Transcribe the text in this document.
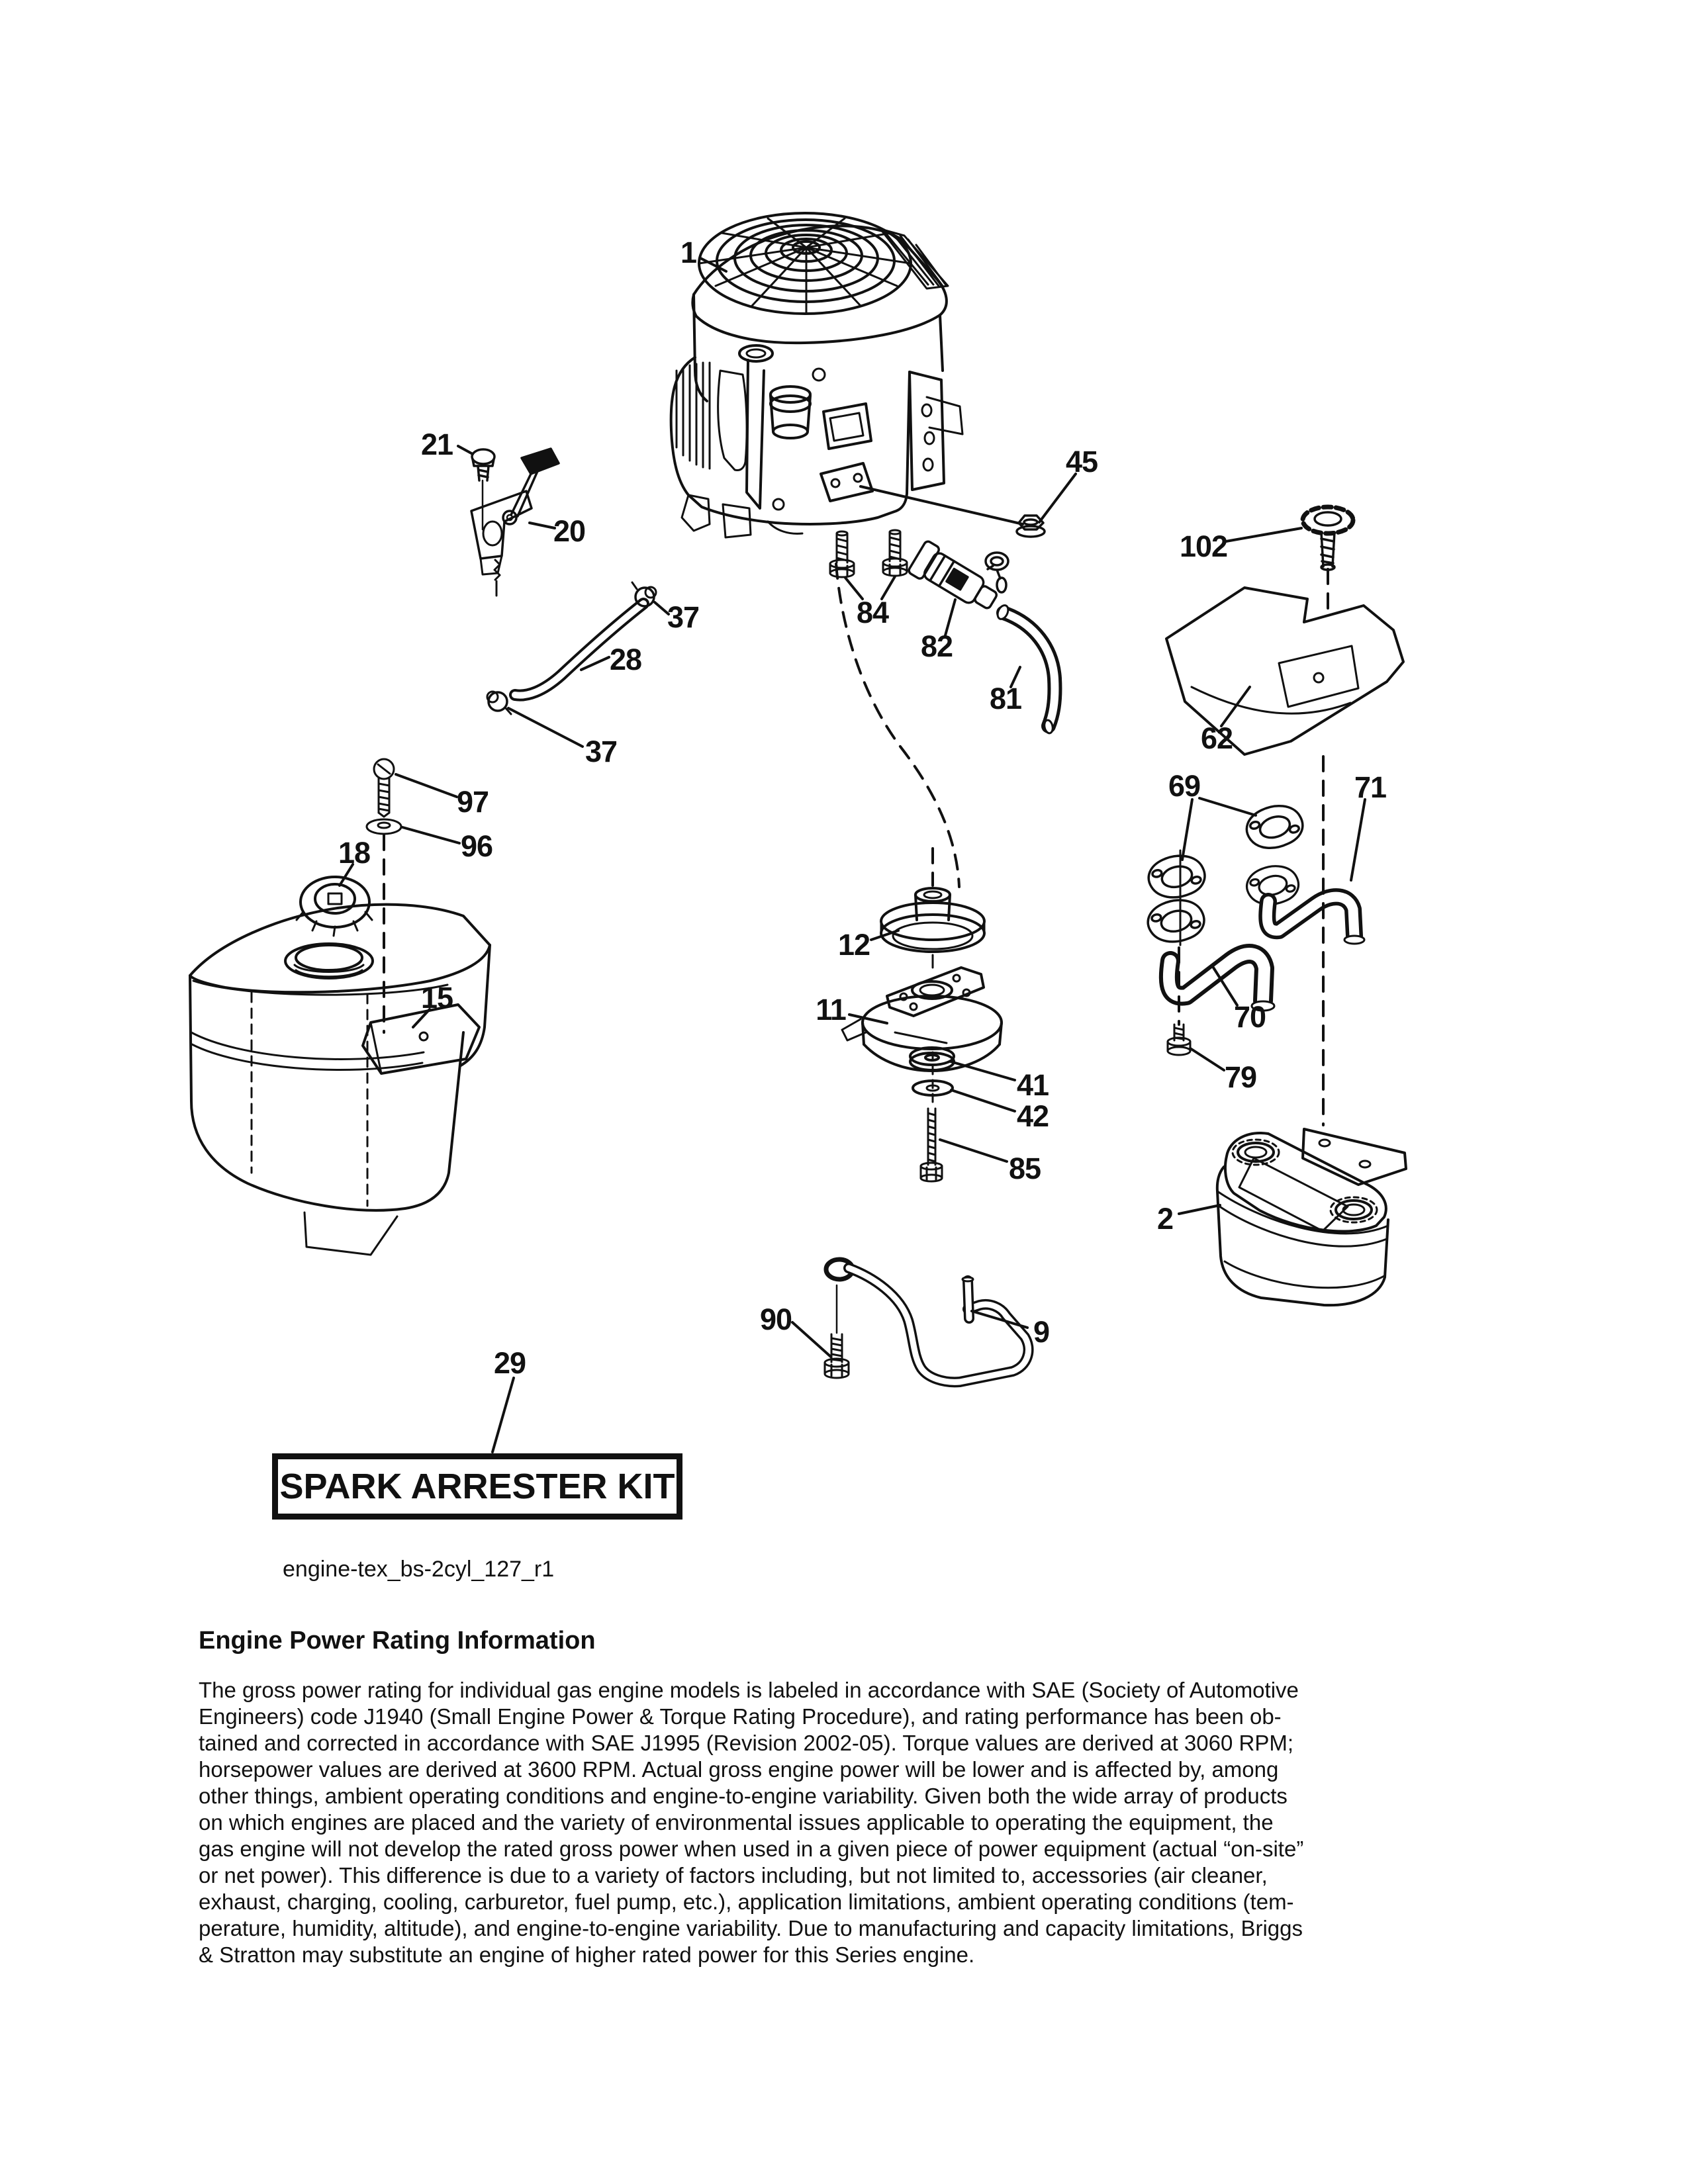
1
21
20
45
102
84
82
81
37
28
37
97
96
18
15
62
69	71
70
79
12
11
41
42
85
2
90	9
29
SPARK ARRESTER KIT
engine-tex_bs-2cyl_127_r1
Engine Power Rating Information
The gross power rating for individual gas engine models is labeled in accordance with SAE (Society of Automotive
Engineers) code J1940 (Small Engine Power & Torque Rating Procedure), and rating performance has been ob-
tained and corrected in accordance with SAE J1995 (Revision 2002-05). Torque values are derived at 3060 RPM;
horsepower values are derived at 3600 RPM. Actual gross engine power will be lower and is affected by, among
other things, ambient operating conditions and engine-to-engine variability. Given both the wide array of products
on which engines are placed and the variety of environmental issues applicable to operating the equipment, the
gas engine will not develop the rated gross power when used in a given piece of power equipment (actual “on-site”
or net power). This difference is due to a variety of factors including, but not limited to, accessories (air cleaner,
exhaust, charging, cooling, carburetor, fuel pump, etc.), application limitations, ambient operating conditions (tem-
perature, humidity, altitude), and engine-to-engine variability. Due to manufacturing and capacity limitations, Briggs
& Stratton may substitute an engine of higher rated power for this Series engine.
